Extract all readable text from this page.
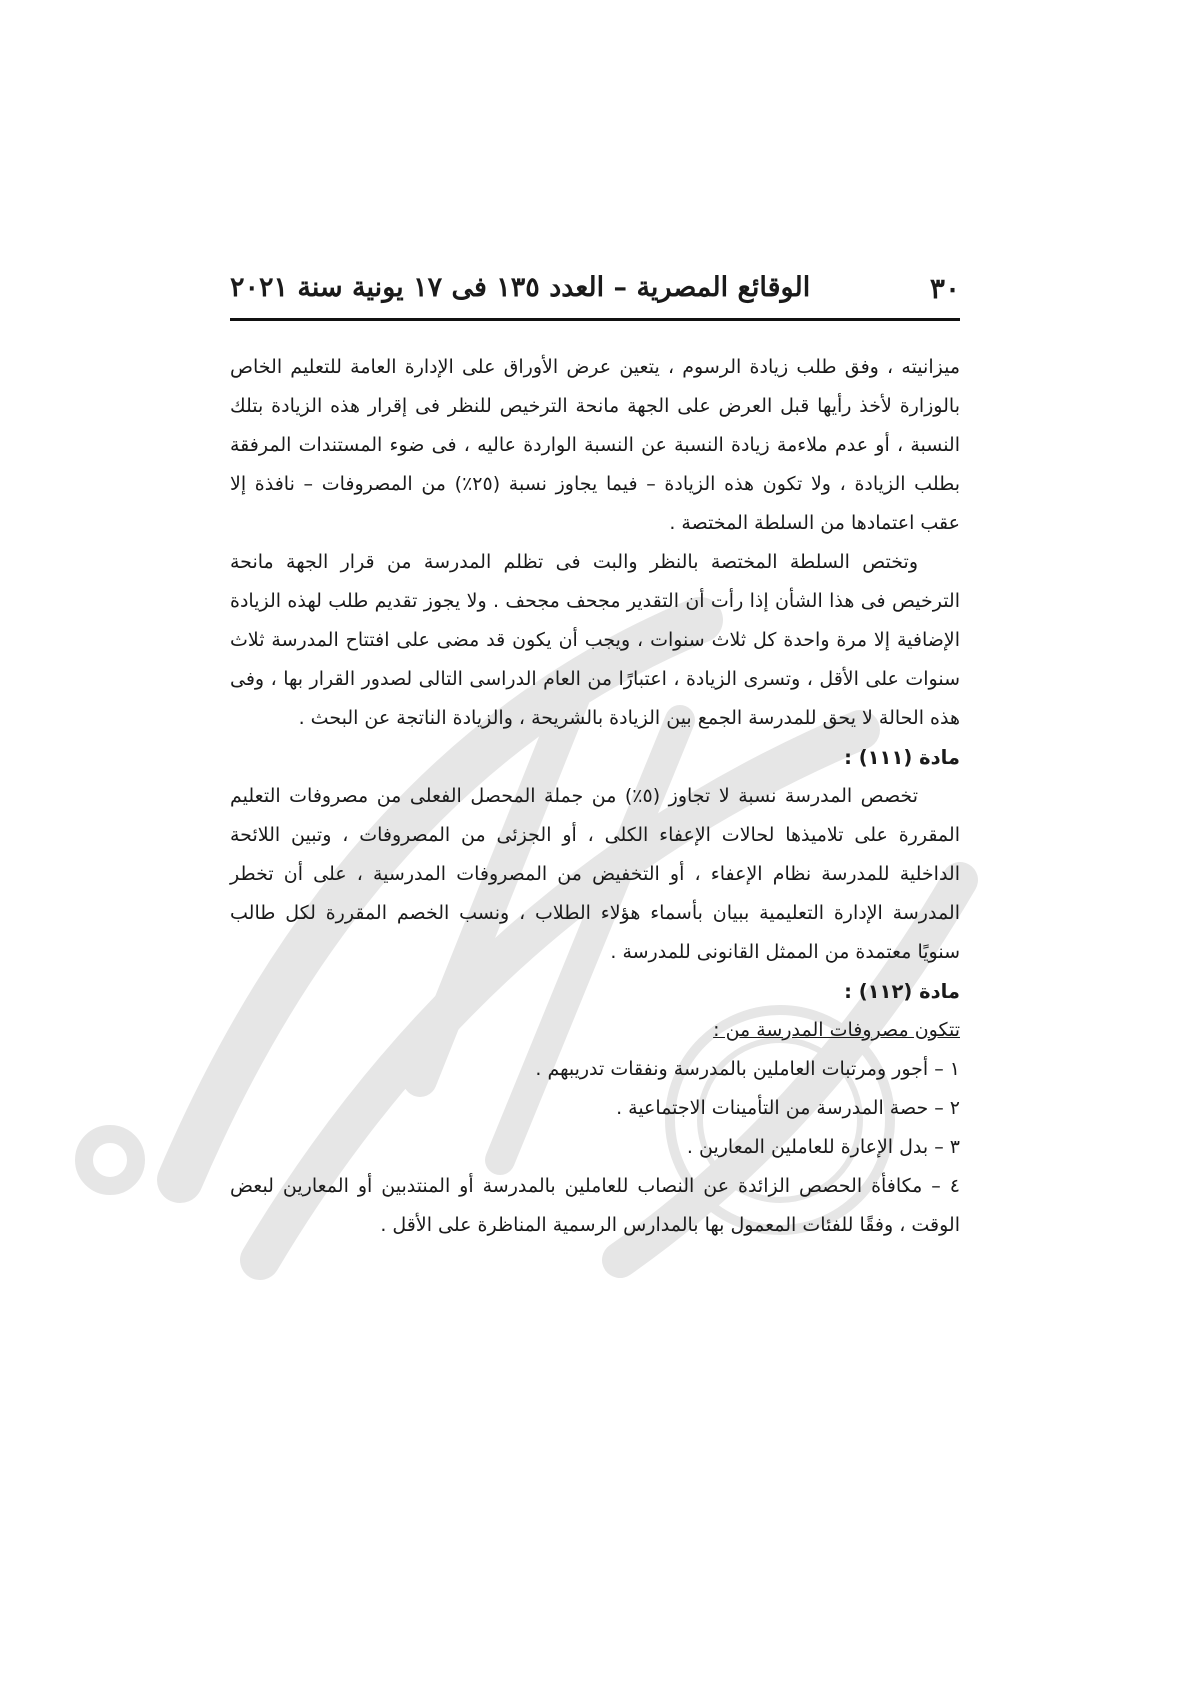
٣٠
الوقائع المصرية – العدد ١٣٥ فى ١٧ يونية سنة ٢٠٢١

ميزانيته ، وفق طلب زيادة الرسوم ، يتعين عرض الأوراق على الإدارة العامة للتعليم الخاص بالوزارة لأخذ رأيها قبل العرض على الجهة مانحة الترخيص للنظر فى إقرار هذه الزيادة بتلك النسبة ، أو عدم ملاءمة زيادة النسبة عن النسبة الواردة عاليه ، فى ضوء المستندات المرفقة بطلب الزيادة ، ولا تكون هذه الزيادة – فيما يجاوز نسبة (٢٥٪) من المصروفات – نافذة إلا عقب اعتمادها من السلطة المختصة .

وتختص السلطة المختصة بالنظر والبت فى تظلم المدرسة من قرار الجهة مانحة الترخيص فى هذا الشأن إذا رأت أن التقدير مجحف مجحف . ولا يجوز تقديم طلب لهذه الزيادة الإضافية إلا مرة واحدة كل ثلاث سنوات ، ويجب أن يكون قد مضى على افتتاح المدرسة ثلاث سنوات على الأقل ، وتسرى الزيادة ، اعتبارًا من العام الدراسى التالى لصدور القرار بها ، وفى هذه الحالة لا يحق للمدرسة الجمع بين الزيادة بالشريحة ، والزيادة الناتجة عن البحث .

مادة (١١١) :

تخصص المدرسة نسبة لا تجاوز (٥٪) من جملة المحصل الفعلى من مصروفات التعليم المقررة على تلاميذها لحالات الإعفاء الكلى ، أو الجزئى من المصروفات ، وتبين اللائحة الداخلية للمدرسة نظام الإعفاء ، أو التخفيض من المصروفات المدرسية ، على أن تخطر المدرسة الإدارة التعليمية ببيان بأسماء هؤلاء الطلاب ، ونسب الخصم المقررة لكل طالب سنويًا معتمدة من الممثل القانونى للمدرسة .

مادة (١١٢) :

تتكون مصروفات المدرسة من :

١ – أجور ومرتبات العاملين بالمدرسة ونفقات تدريبهم .
٢ – حصة المدرسة من التأمينات الاجتماعية .
٣ – بدل الإعارة للعاملين المعارين .
٤ – مكافأة الحصص الزائدة عن النصاب للعاملين بالمدرسة أو المنتدبين أو المعارين لبعض الوقت ، وفقًا للفئات المعمول بها بالمدارس الرسمية المناظرة على الأقل .
